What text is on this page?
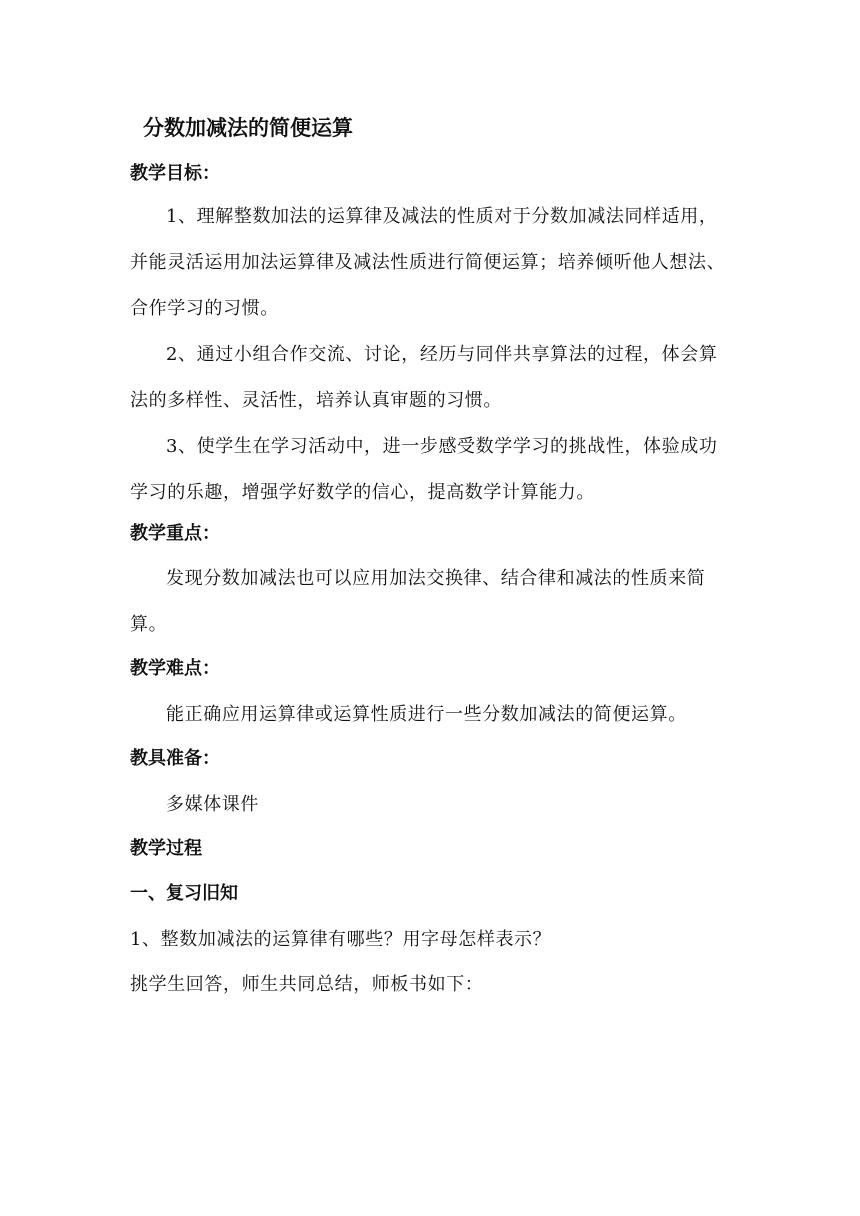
分数加减法的简便运算
教学目标：
1、理解整数加法的运算律及减法的性质对于分数加减法同样适用，并能灵活运用加法运算律及减法性质进行简便运算；培养倾听他人想法、合作学习的习惯。
2、通过小组合作交流、讨论，经历与同伴共享算法的过程，体会算法的多样性、灵活性，培养认真审题的习惯。
3、使学生在学习活动中，进一步感受数学学习的挑战性，体验成功学习的乐趣，增强学好数学的信心，提高数学计算能力。
教学重点：
发现分数加减法也可以应用加法交换律、结合律和减法的性质来简算。
教学难点：
能正确应用运算律或运算性质进行一些分数加减法的简便运算。
教具准备：
多媒体课件
教学过程
一、复习旧知
1、整数加减法的运算律有哪些？用字母怎样表示？
挑学生回答，师生共同总结，师板书如下：
